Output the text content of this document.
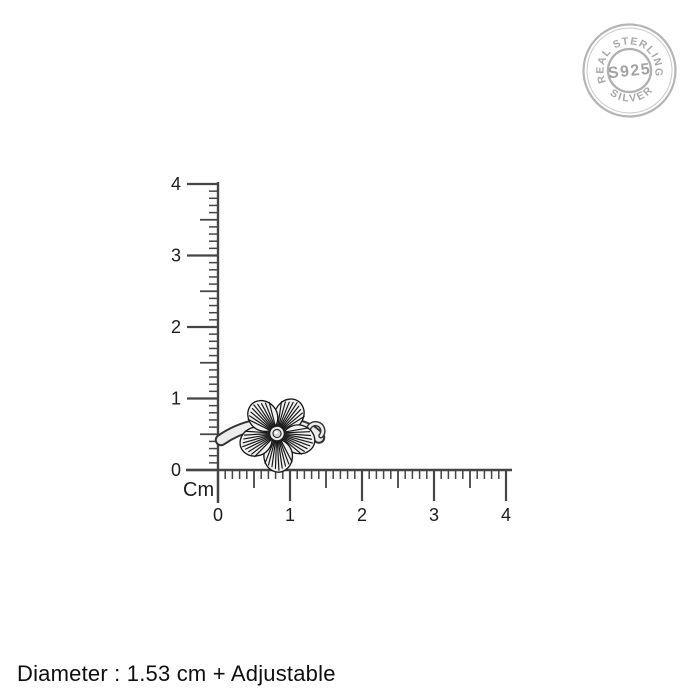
REAL STERLING
SILVER
S925
0
1
2
3
4
0	1	2	3	4
Cm
Diameter : 1.53 cm + Adjustable
